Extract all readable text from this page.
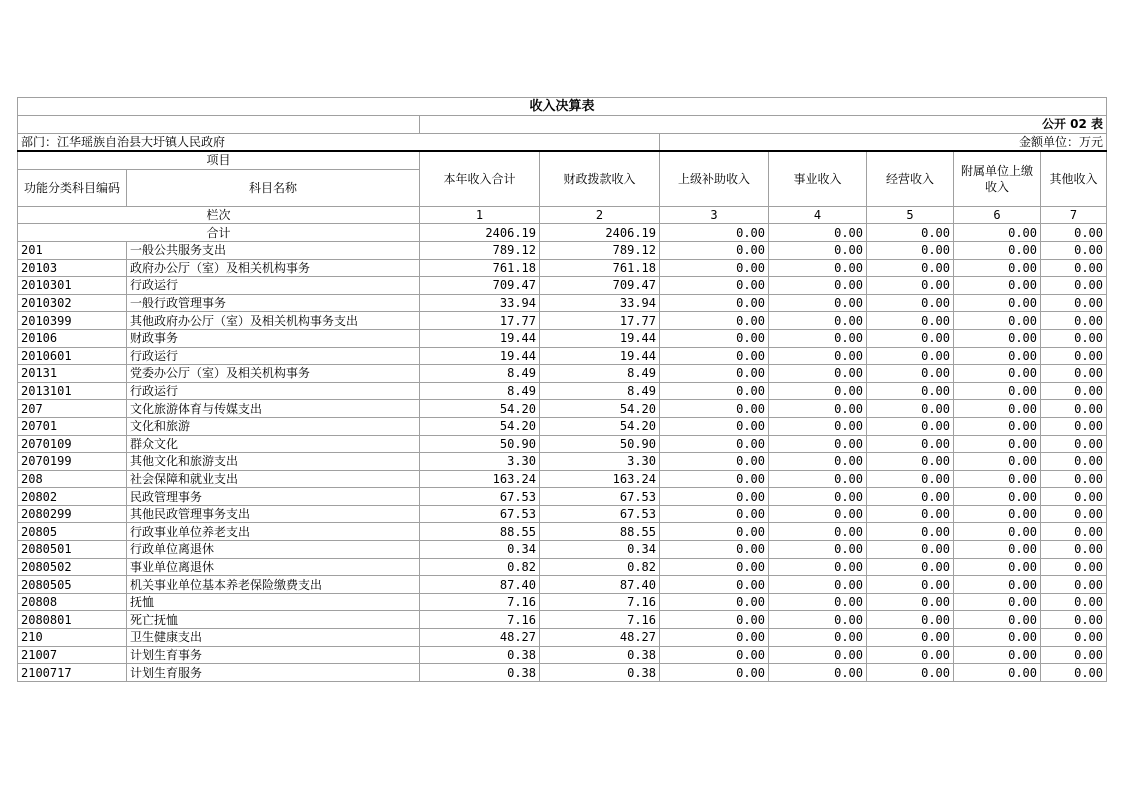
收入决算表								
		公开 02 表						
部门：江华瑶族自治县大圩镇人民政府				金额单位：万元				
项目		本年收入合计	财政拨款收入	上级补助收入	事业收入	经营收入	附属单位上缴收入	其他收入
功能分类科目编码	科目名称							
栏次		1	2	3	4	5	6	7
合计		2406.19	2406.19	0.00	0.00	0.00	0.00	0.00
201	一般公共服务支出	789.12	789.12	0.00	0.00	0.00	0.00	0.00
20103	政府办公厅（室）及相关机构事务	761.18	761.18	0.00	0.00	0.00	0.00	0.00
2010301	行政运行	709.47	709.47	0.00	0.00	0.00	0.00	0.00
2010302	一般行政管理事务	33.94	33.94	0.00	0.00	0.00	0.00	0.00
2010399	其他政府办公厅（室）及相关机构事务支出	17.77	17.77	0.00	0.00	0.00	0.00	0.00
20106	财政事务	19.44	19.44	0.00	0.00	0.00	0.00	0.00
2010601	行政运行	19.44	19.44	0.00	0.00	0.00	0.00	0.00
20131	党委办公厅（室）及相关机构事务	8.49	8.49	0.00	0.00	0.00	0.00	0.00
2013101	行政运行	8.49	8.49	0.00	0.00	0.00	0.00	0.00
207	文化旅游体育与传媒支出	54.20	54.20	0.00	0.00	0.00	0.00	0.00
20701	文化和旅游	54.20	54.20	0.00	0.00	0.00	0.00	0.00
2070109	群众文化	50.90	50.90	0.00	0.00	0.00	0.00	0.00
2070199	其他文化和旅游支出	3.30	3.30	0.00	0.00	0.00	0.00	0.00
208	社会保障和就业支出	163.24	163.24	0.00	0.00	0.00	0.00	0.00
20802	民政管理事务	67.53	67.53	0.00	0.00	0.00	0.00	0.00
2080299	其他民政管理事务支出	67.53	67.53	0.00	0.00	0.00	0.00	0.00
20805	行政事业单位养老支出	88.55	88.55	0.00	0.00	0.00	0.00	0.00
2080501	行政单位离退休	0.34	0.34	0.00	0.00	0.00	0.00	0.00
2080502	事业单位离退休	0.82	0.82	0.00	0.00	0.00	0.00	0.00
2080505	机关事业单位基本养老保险缴费支出	87.40	87.40	0.00	0.00	0.00	0.00	0.00
20808	抚恤	7.16	7.16	0.00	0.00	0.00	0.00	0.00
2080801	死亡抚恤	7.16	7.16	0.00	0.00	0.00	0.00	0.00
210	卫生健康支出	48.27	48.27	0.00	0.00	0.00	0.00	0.00
21007	计划生育事务	0.38	0.38	0.00	0.00	0.00	0.00	0.00
2100717	计划生育服务	0.38	0.38	0.00	0.00	0.00	0.00	0.00
